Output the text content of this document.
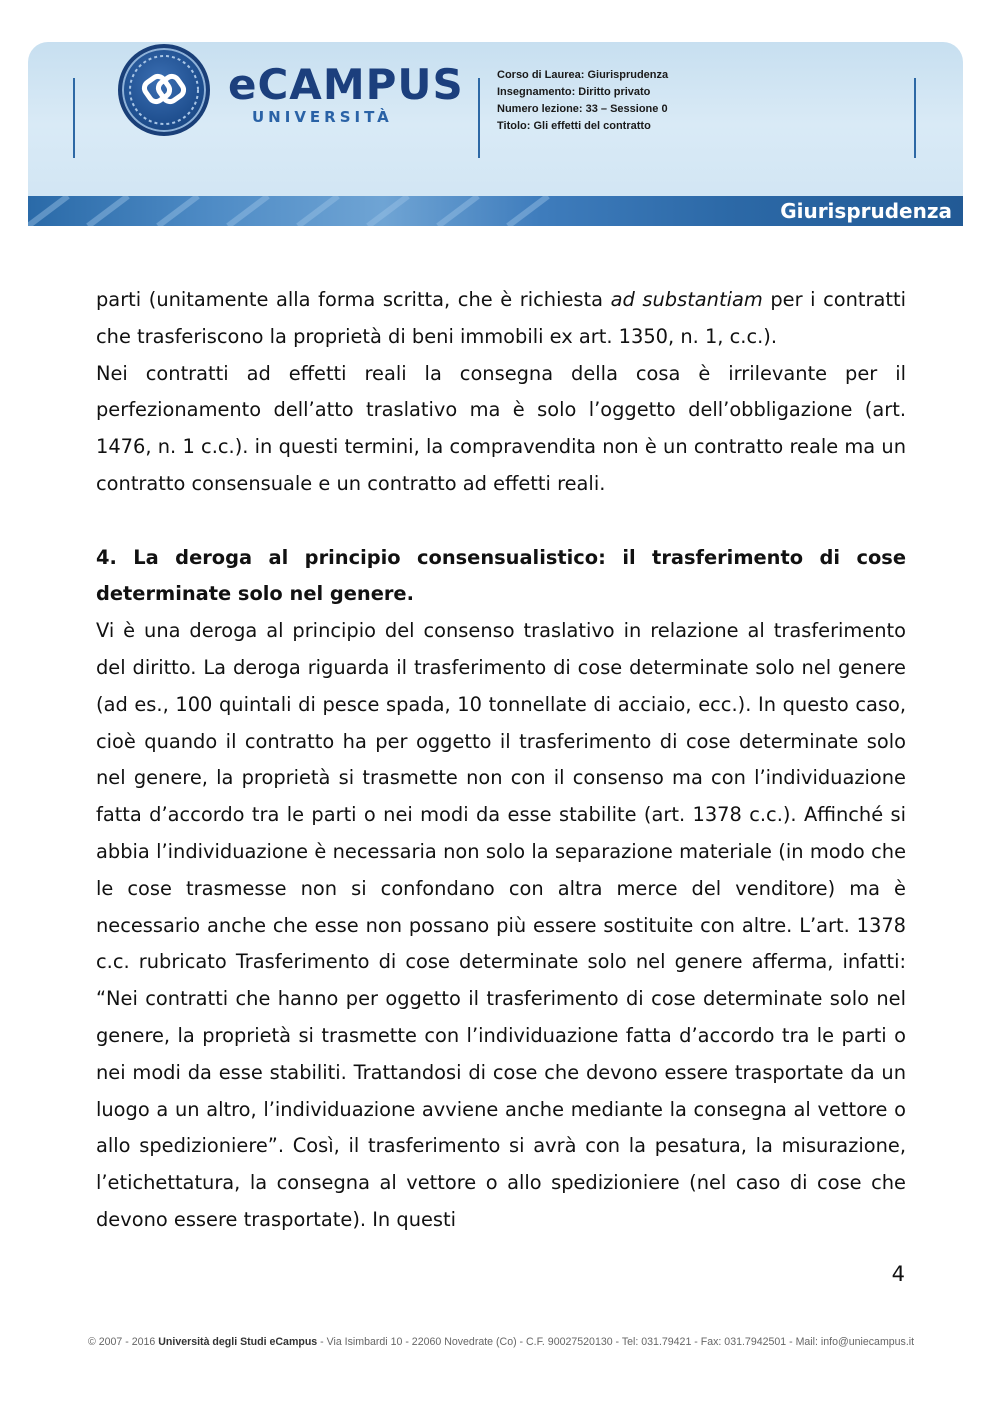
eCAMPUS
UNIVERSITÀ
Corso di Laurea: Giurisprudenza
Insegnamento: Diritto privato
Numero lezione: 33 – Sessione 0
Titolo: Gli effetti del contratto
Giurisprudenza

parti (unitamente alla forma scritta, che è richiesta ad substantiam per i contratti che trasferiscono la proprietà di beni immobili ex art. 1350, n. 1, c.c.).

Nei contratti ad effetti reali la consegna della cosa è irrilevante per il perfezionamento dell’atto traslativo ma è solo l’oggetto dell’obbligazione (art. 1476, n. 1 c.c.). in questi termini, la compravendita non è un contratto reale ma un contratto consensuale e un contratto ad effetti reali.

4. La deroga al principio consensualistico: il trasferimento di cose determinate solo nel genere.

Vi è una deroga al principio del consenso traslativo in relazione al trasferimento del diritto. La deroga riguarda il trasferimento di cose determinate solo nel genere (ad es., 100 quintali di pesce spada, 10 tonnellate di acciaio, ecc.). In questo caso, cioè quando il contratto ha per oggetto il trasferimento di cose determinate solo nel genere, la proprietà si trasmette non con il consenso ma con l’individuazione fatta d’accordo tra le parti o nei modi da esse stabilite (art. 1378 c.c.). Affinché si abbia l’individuazione è necessaria non solo la separazione materiale (in modo che le cose trasmesse non si confondano con altra merce del venditore) ma è necessario anche che esse non possano più essere sostituite con altre. L’art. 1378 c.c. rubricato Trasferimento di cose determinate solo nel genere afferma, infatti: “Nei contratti che hanno per oggetto il trasferimento di cose determinate solo nel genere, la proprietà si trasmette con l’individuazione fatta d’accordo tra le parti o nei modi da esse stabiliti. Trattandosi di cose che devono essere trasportate da un luogo a un altro, l’individuazione avviene anche mediante la consegna al vettore o allo spedizioniere”. Così, il trasferimento si avrà con la pesatura, la misurazione, l’etichettatura, la consegna al vettore o allo spedizioniere (nel caso di cose che devono essere trasportate). In questi

4
© 2007 - 2016 Università degli Studi eCampus - Via Isimbardi 10 - 22060 Novedrate (Co) - C.F. 90027520130 - Tel: 031.79421 - Fax: 031.7942501 - Mail: info@uniecampus.it
